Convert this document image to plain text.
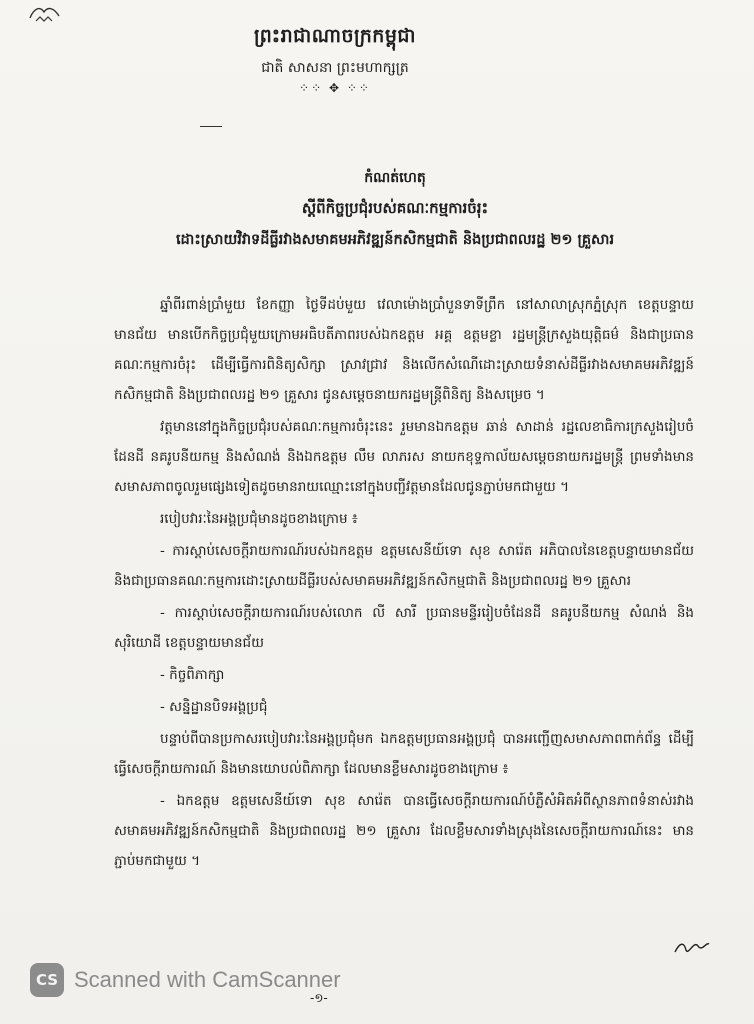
ព្រះរាជាណាចក្រកម្ពុជា
ជាតិ សាសនា ព្រះមហាក្សត្រ
⁘⁘ ✥ ⁘⁘
កំណត់ហេតុ
ស្តីពីកិច្ចប្រជុំរបស់គណៈកម្មការចំរុះ
ដោះស្រាយវិវាទដីធ្លីរវាងសមាគមអភិវឌ្ឍន៍កសិកម្មជាតិ និងប្រជាពលរដ្ឋ ២១ គ្រួសារ

ឆ្នាំពីរពាន់ប្រាំមួយ ខែកញ្ញា ថ្ងៃទីដប់មួយ វេលាម៉ោងប្រាំបួនទាទីព្រឹក នៅសាលាស្រុកភ្នំស្រុក ខេត្តបន្ទាយមានជ័យ មានបើកកិច្ចប្រជុំមួយក្រោមអធិបតីភាពរបស់ឯកឧត្តម អគ្គ ឧត្តមខ្លា រដ្ឋមន្ត្រីក្រសួងយុត្តិធម៌ និងជាប្រធានគណៈកម្មការចំរុះ ដើម្បីធ្វើការពិនិត្យសិក្សា ស្រាវជ្រាវ និងលើកសំណើដោះស្រាយទំនាស់ដីធ្លីរវាងសមាគមអភិវឌ្ឍន៍កសិកម្មជាតិ និងប្រជាពលរដ្ឋ ២១ គ្រួសារ ជូនសម្តេចនាយករដ្ឋមន្ត្រីពិនិត្យ និងសម្រេច ។

វត្តមាននៅក្នុងកិច្ចប្រជុំរបស់គណៈកម្មការចំរុះនេះ រួមមានឯកឧត្តម ឆាន់ សាដាន់ រដ្ឋលេខាធិការក្រសួងរៀបចំដែនដី នគរូបនីយកម្ម និងសំណង់ និងឯកឧត្តម លឹម លាភរស នាយកខុទ្ទកាល័យសម្តេចនាយករដ្ឋមន្ត្រី ព្រមទាំងមានសមាសភាពចូលរួមផ្សេងទៀតដូចមានរាយឈ្មោះនៅក្នុងបញ្ជីវត្តមានដែលជូនភ្ជាប់មកជាមួយ ។

របៀបវារៈនៃអង្គប្រជុំមានដូចខាងក្រោម ៖

- ការស្តាប់សេចក្តីរាយការណ៍របស់ឯកឧត្តម ឧត្តមសេនីយ៍ទោ សុខ សារ៉េត អភិបាលនៃខេត្តបន្ទាយមានជ័យ និងជាប្រធានគណៈកម្មការដោះស្រាយដីធ្លីរបស់សមាគមអភិវឌ្ឍន៍កសិកម្មជាតិ និងប្រជាពលរដ្ឋ ២១ គ្រួសារ

- ការស្តាប់សេចក្តីរាយការណ៍របស់លោក លី សារី ប្រធានមន្ទីររៀបចំដែនដី នគរូបនីយកម្ម សំណង់ និងសុរិយោដី ខេត្តបន្ទាយមានជ័យ

- កិច្ចពិភាក្សា

- សន្និដ្ឋានបិទអង្គប្រជុំ

បន្ទាប់ពីបានប្រកាសរបៀបវារៈនៃអង្គប្រជុំមក ឯកឧត្តមប្រធានអង្គប្រជុំ បានអញ្ជើញសមាសភាពពាក់ព័ន្ធ ដើម្បីធ្វើសេចក្តីរាយការណ៍ និងមានយោបល់ពិភាក្សា ដែលមានខ្លឹមសារដូចខាងក្រោម ៖

- ឯកឧត្តម ឧត្តមសេនីយ៍ទោ សុខ សារ៉េត បានធ្វើសេចក្តីរាយការណ៍បំភ្លឺសំអិតអំពីស្ថានភាពទំនាស់រវាងសមាគមអភិវឌ្ឍន៍កសិកម្មជាតិ និងប្រជាពលរដ្ឋ ២១ គ្រួសារ ដែលខ្លឹមសារទាំងស្រុងនៃសេចក្តីរាយការណ៍នេះ មានភ្ជាប់មកជាមួយ ។

CS Scanned with CamScanner
-១-
